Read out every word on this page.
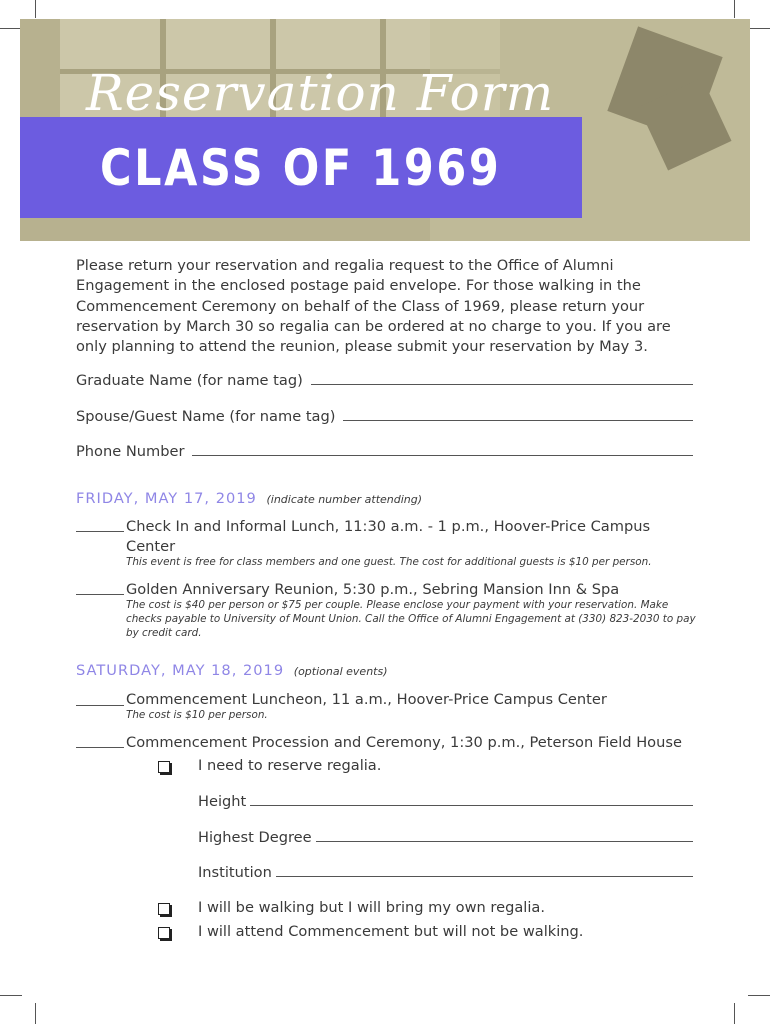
Reservation Form
CLASS OF 1969
Please return your reservation and regalia request to the Office of Alumni Engagement in the enclosed postage paid envelope. For those walking in the Commencement Ceremony on behalf of the Class of 1969, please return your reservation by March 30 so regalia can be ordered at no charge to you. If you are only planning to attend the reunion, please submit your reservation by May 3.
Graduate Name (for name tag)
Spouse/Guest Name (for name tag)
Phone Number
FRIDAY, MAY 17, 2019 (indicate number attending)
Check In and Informal Lunch, 11:30 a.m. - 1 p.m., Hoover-Price Campus Center
This event is free for class members and one guest. The cost for additional guests is $10 per person.
Golden Anniversary Reunion, 5:30 p.m., Sebring Mansion Inn & Spa
The cost is $40 per person or $75 per couple. Please enclose your payment with your reservation. Make checks payable to University of Mount Union. Call the Office of Alumni Engagement at (330) 823-2030 to pay by credit card.
SATURDAY, MAY 18, 2019 (optional events)
Commencement Luncheon, 11 a.m., Hoover-Price Campus Center
The cost is $10 per person.
Commencement Procession and Ceremony, 1:30 p.m., Peterson Field House
I need to reserve regalia.
Height
Highest Degree
Institution
I will be walking but I will bring my own regalia.
I will attend Commencement but will not be walking.
